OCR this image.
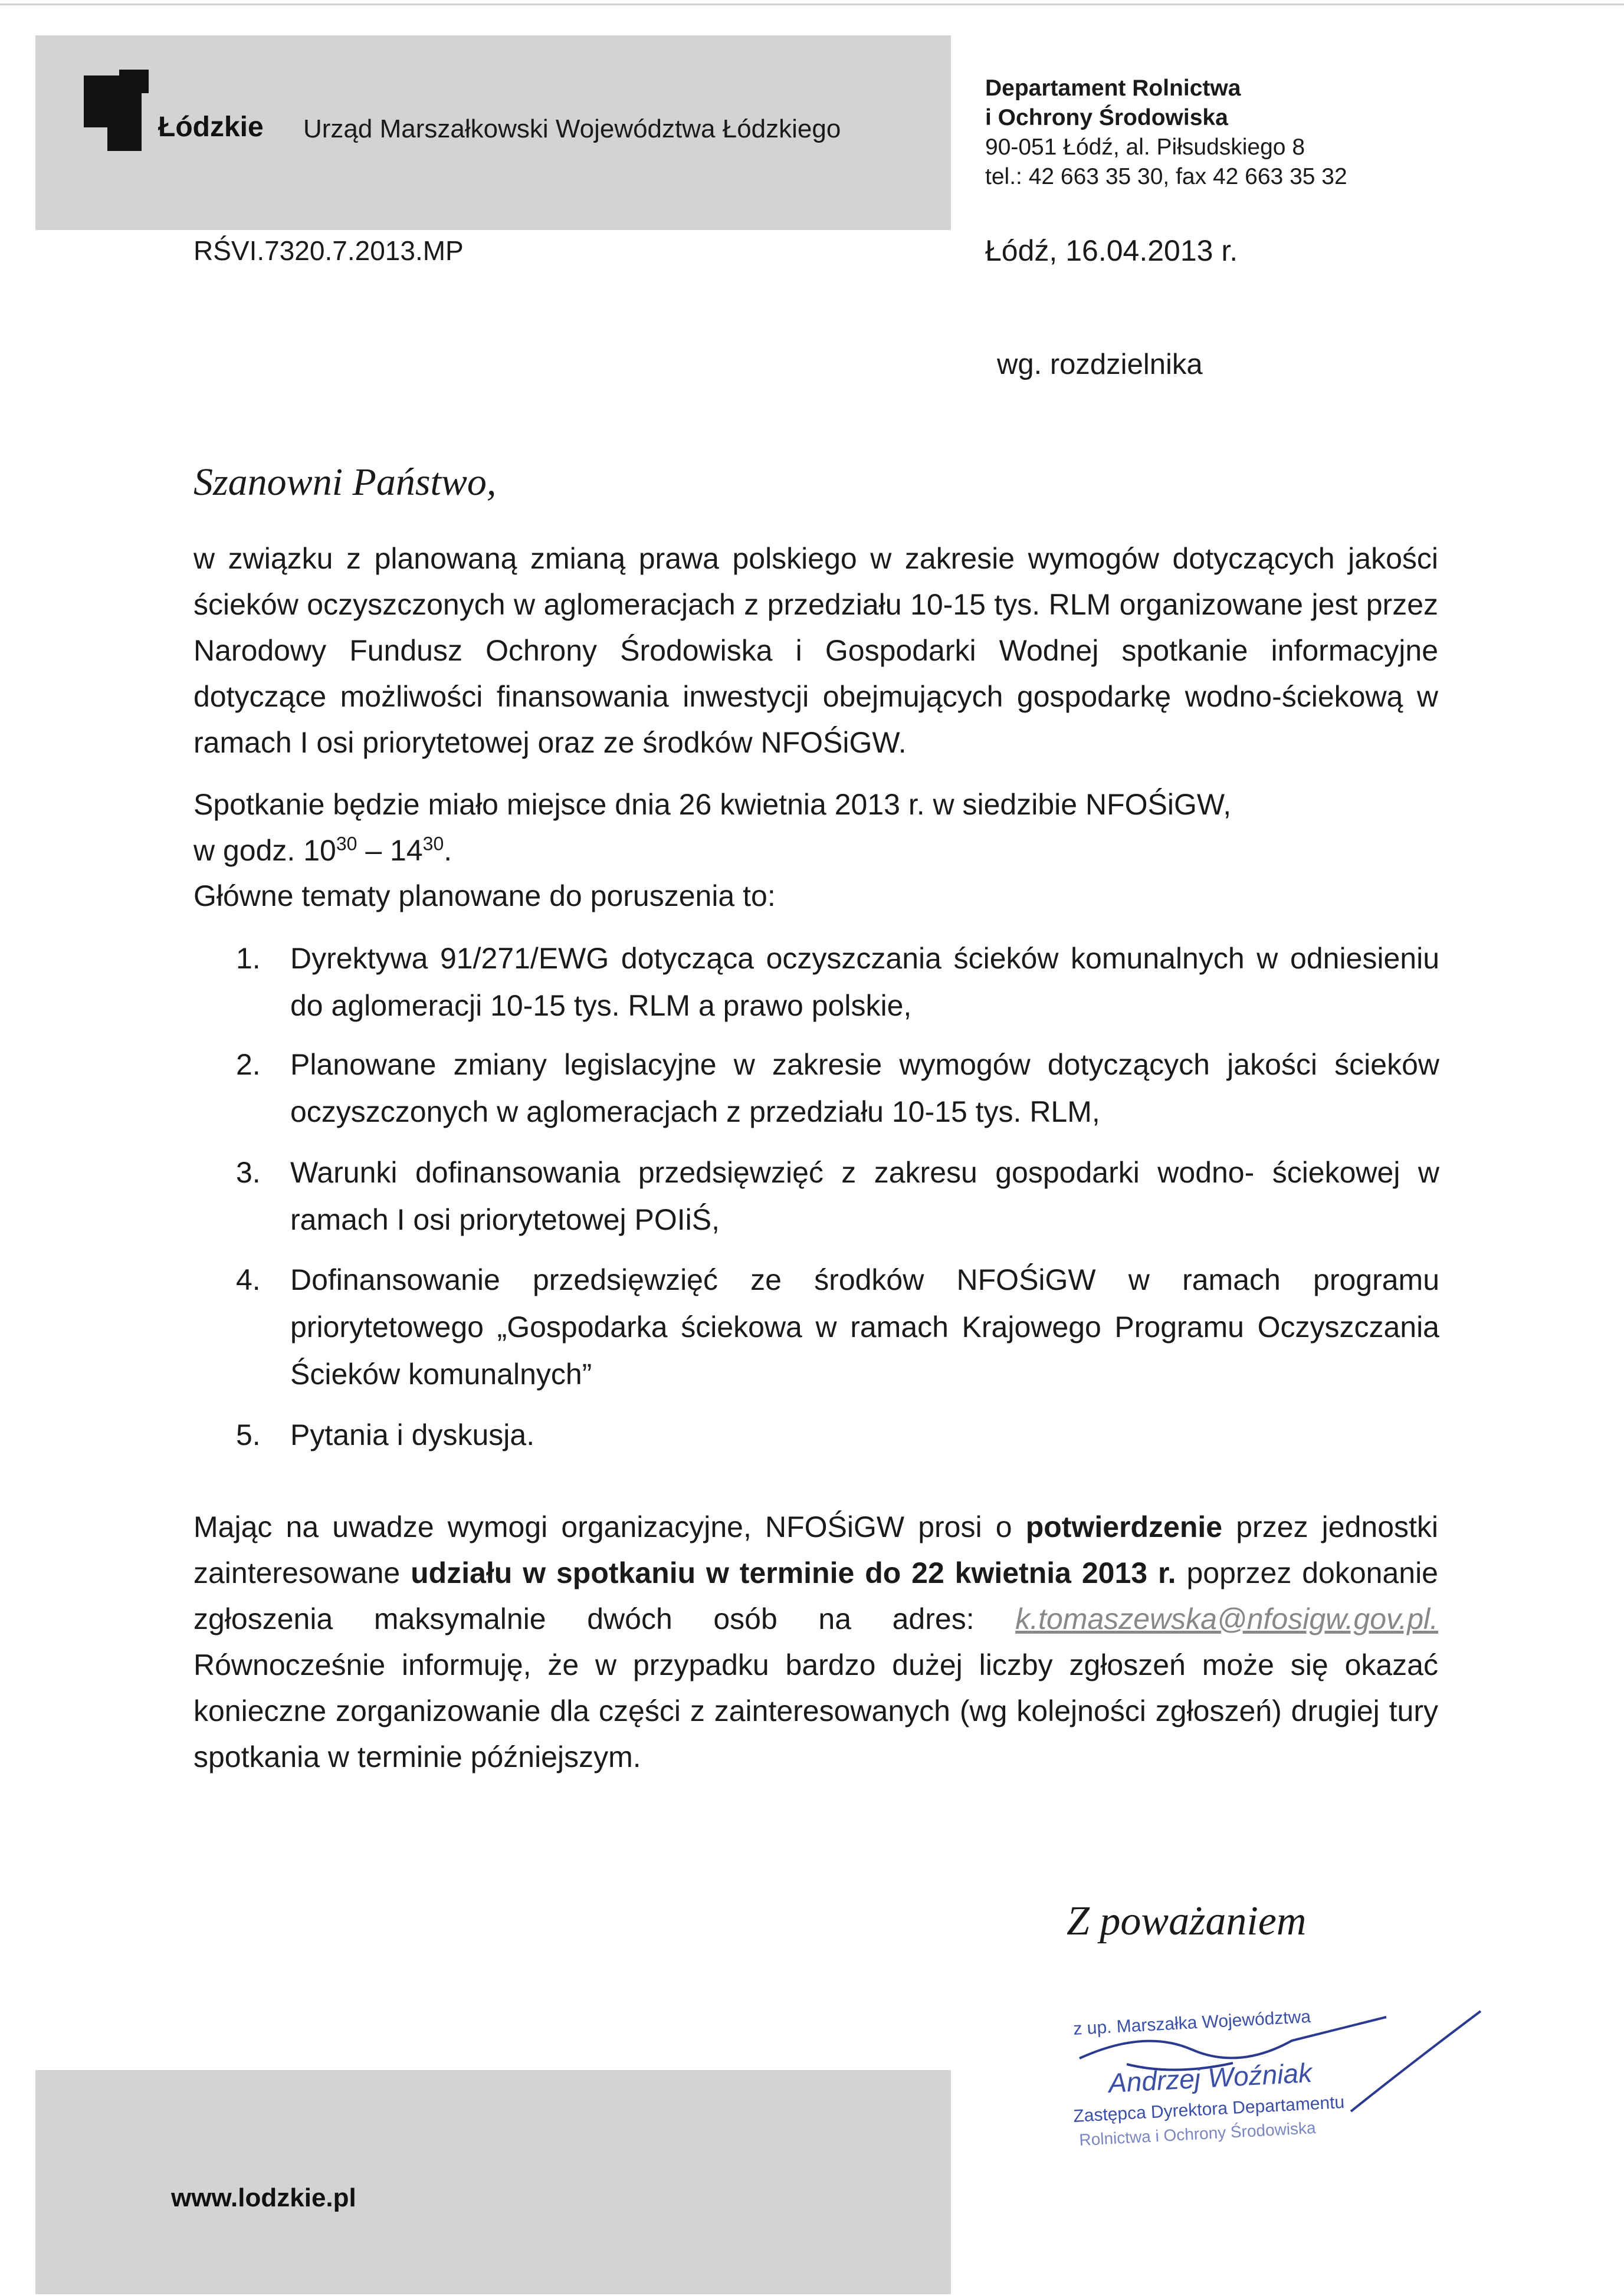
Łódzkie Urząd Marszałkowski Województwa Łódzkiego
Departament Rolnictwa
i Ochrony Środowiska
90-051 Łódź, al. Piłsudskiego 8
tel.: 42 663 35 30, fax 42 663 35 32
RŚVI.7320.7.2013.MP	Łódź, 16.04.2013 r.
wg. rozdzielnika
Szanowni Państwo,
w związku z planowaną zmianą prawa polskiego w zakresie wymogów dotyczących jakości ścieków oczyszczonych w aglomeracjach z przedziału 10-15 tys. RLM organizowane jest przez Narodowy Fundusz Ochrony Środowiska i Gospodarki Wodnej spotkanie informacyjne dotyczące możliwości finansowania inwestycji obejmujących gospodarkę wodno-ściekową w ramach I osi priorytetowej oraz ze środków NFOŚiGW.
Spotkanie będzie miało miejsce dnia 26 kwietnia 2013 r. w siedzibie NFOŚiGW,
w godz. $10^{30} - 14^{30}$.
Główne tematy planowane do poruszenia to:
1.	Dyrektywa 91/271/EWG dotycząca oczyszczania ścieków komunalnych w odniesieniu do aglomeracji 10-15 tys. RLM a prawo polskie,
2.	Planowane zmiany legislacyjne w zakresie wymogów dotyczących jakości ścieków oczyszczonych w aglomeracjach z przedziału 10-15 tys. RLM,
3.	Warunki dofinansowania przedsięwzięć z zakresu gospodarki wodno- ściekowej w ramach I osi priorytetowej POIiŚ,
4.	Dofinansowanie przedsięwzięć ze środków NFOŚiGW w ramach programu priorytetowego „Gospodarka ściekowa w ramach Krajowego Programu Oczyszczania Ścieków komunalnych”
5.	Pytania i dyskusja.
Mając na uwadze wymogi organizacyjne, NFOŚiGW prosi o potwierdzenie przez jednostki zainteresowane udziału w spotkaniu w terminie do 22 kwietnia 2013 r. poprzez dokonanie zgłoszenia maksymalnie dwóch osób na adres: k.tomaszewska@nfosigw.gov.pl. Równocześnie informuję, że w przypadku bardzo dużej liczby zgłoszeń może się okazać konieczne zorganizowanie dla części z zainteresowanych (wg kolejności zgłoszeń) drugiej tury spotkania w terminie późniejszym.
Z poważaniem
z up. Marszałka Województwa
Andrzej Woźniak
Zastępca Dyrektora Departamentu
Rolnictwa i Ochrony Środowiska
www.lodzkie.pl
